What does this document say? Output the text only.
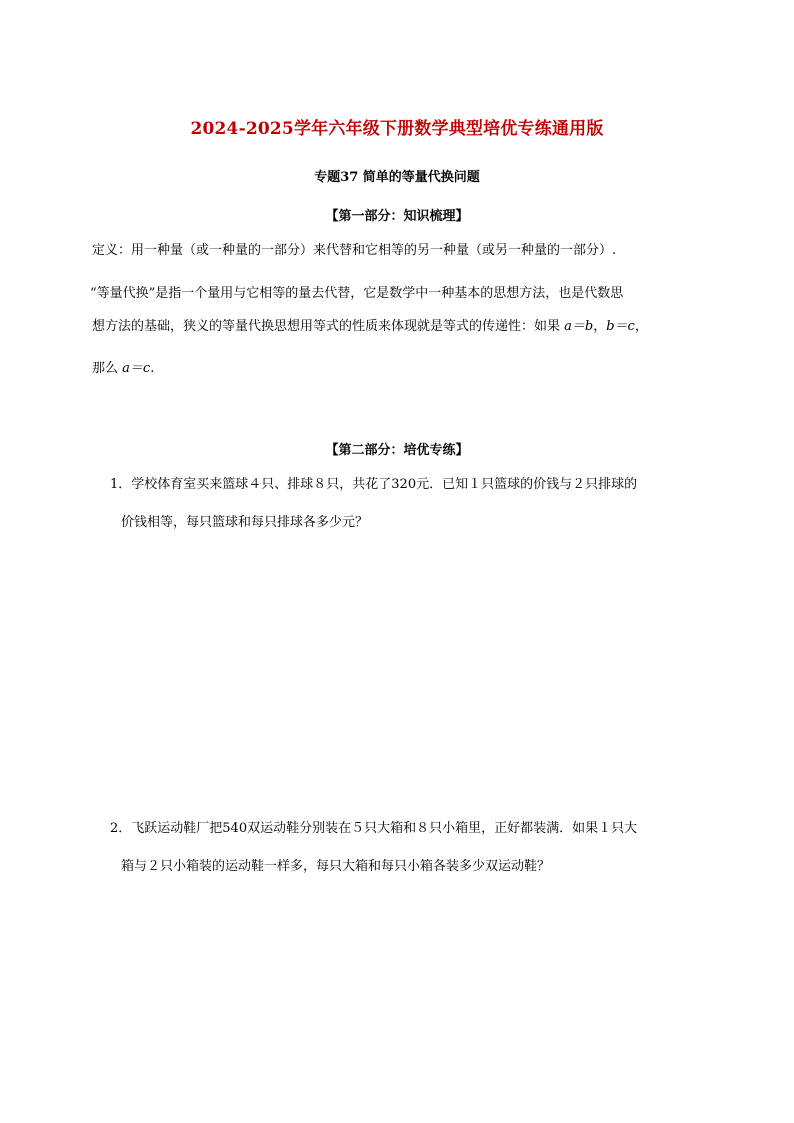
2024-2025学年六年级下册数学典型培优专练通用版
专题37 简单的等量代换问题
【第一部分：知识梳理】
定义：用一种量（或一种量的一部分）来代替和它相等的另一种量（或另一种量的一部分）.
“等量代换”是指一个量用与它相等的量去代替，它是数学中一种基本的思想方法，也是代数思
想方法的基础，狭义的等量代换思想用等式的性质来体现就是等式的传递性：如果 a＝b，b＝c，
那么 a＝c.
【第二部分：培优专练】
1．学校体育室买来篮球４只、排球８只，共花了320元．已知１只篮球的价钱与２只排球的
价钱相等，每只篮球和每只排球各多少元？
2．飞跃运动鞋厂把540双运动鞋分别装在５只大箱和８只小箱里，正好都装满．如果１只大
箱与２只小箱装的运动鞋一样多，每只大箱和每只小箱各装多少双运动鞋？
